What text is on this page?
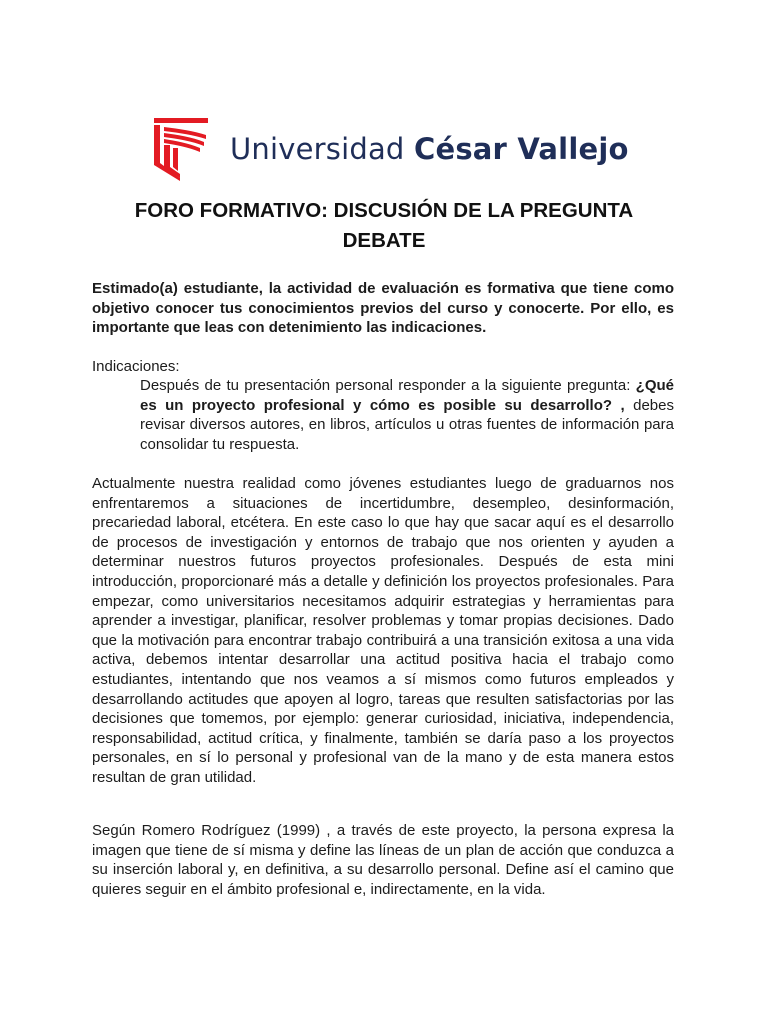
Universidad César Vallejo
FORO FORMATIVO: DISCUSIÓN DE LA PREGUNTA
DEBATE

Estimado(a) estudiante, la actividad de evaluación es formativa que tiene como objetivo conocer tus conocimientos previos del curso y conocerte. Por ello, es importante que leas con detenimiento las indicaciones.

Indicaciones:

Después de tu presentación personal responder a la siguiente pregunta: ¿Qué es un proyecto profesional y cómo es posible su desarrollo? , debes revisar diversos autores, en libros, artículos u otras fuentes de información para consolidar tu respuesta.

Actualmente nuestra realidad como jóvenes estudiantes luego de graduarnos nos enfrentaremos a situaciones de incertidumbre, desempleo, desinformación, precariedad laboral, etcétera. En este caso lo que hay que sacar aquí es el desarrollo de procesos de investigación y entornos de trabajo que nos orienten y ayuden a determinar nuestros futuros proyectos profesionales. Después de esta mini introducción, proporcionaré más a detalle y definición los proyectos profesionales. Para empezar, como universitarios necesitamos adquirir estrategias y herramientas para aprender a investigar, planificar, resolver problemas y tomar propias decisiones. Dado que la motivación para encontrar trabajo contribuirá a una transición exitosa a una vida activa, debemos intentar desarrollar una actitud positiva hacia el trabajo como estudiantes, intentando que nos veamos a sí mismos como futuros empleados y desarrollando actitudes que apoyen al logro, tareas que resulten satisfactorias por las decisiones que tomemos, por ejemplo: generar curiosidad, iniciativa, independencia, responsabilidad, actitud crítica, y finalmente, también se daría paso a los proyectos personales, en sí lo personal y profesional van de la mano y de esta manera estos resultan de gran utilidad.

Según Romero Rodríguez (1999) , a través de este proyecto, la persona expresa la imagen que tiene de sí misma y define las líneas de un plan de acción que conduzca a su inserción laboral y, en definitiva, a su desarrollo personal. Define así el camino que quieres seguir en el ámbito profesional e, indirectamente, en la vida.
